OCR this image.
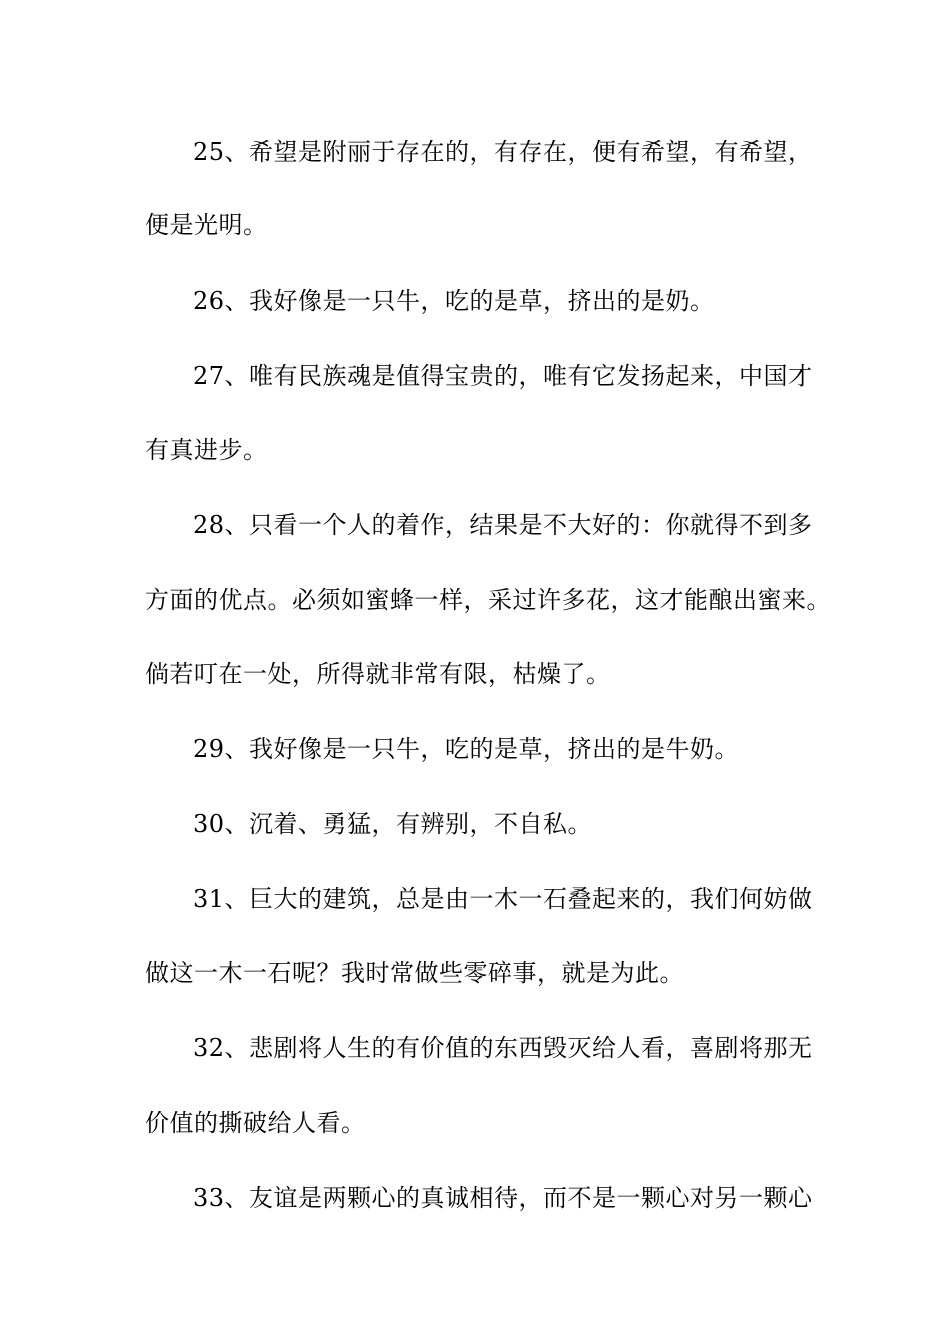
25、希望是附丽于存在的，有存在，便有希望，有希望，
便是光明。
26、我好像是一只牛，吃的是草，挤出的是奶。
27、唯有民族魂是值得宝贵的，唯有它发扬起来，中国才
有真进步。
28、只看一个人的着作，结果是不大好的：你就得不到多
方面的优点。必须如蜜蜂一样，采过许多花，这才能酿出蜜来。
倘若叮在一处，所得就非常有限，枯燥了。
29、我好像是一只牛，吃的是草，挤出的是牛奶。
30、沉着、勇猛，有辨别，不自私。
31、巨大的建筑，总是由一木一石叠起来的，我们何妨做
做这一木一石呢？我时常做些零碎事，就是为此。
32、悲剧将人生的有价值的东西毁灭给人看，喜剧将那无
价值的撕破给人看。
33、友谊是两颗心的真诚相待，而不是一颗心对另一颗心
